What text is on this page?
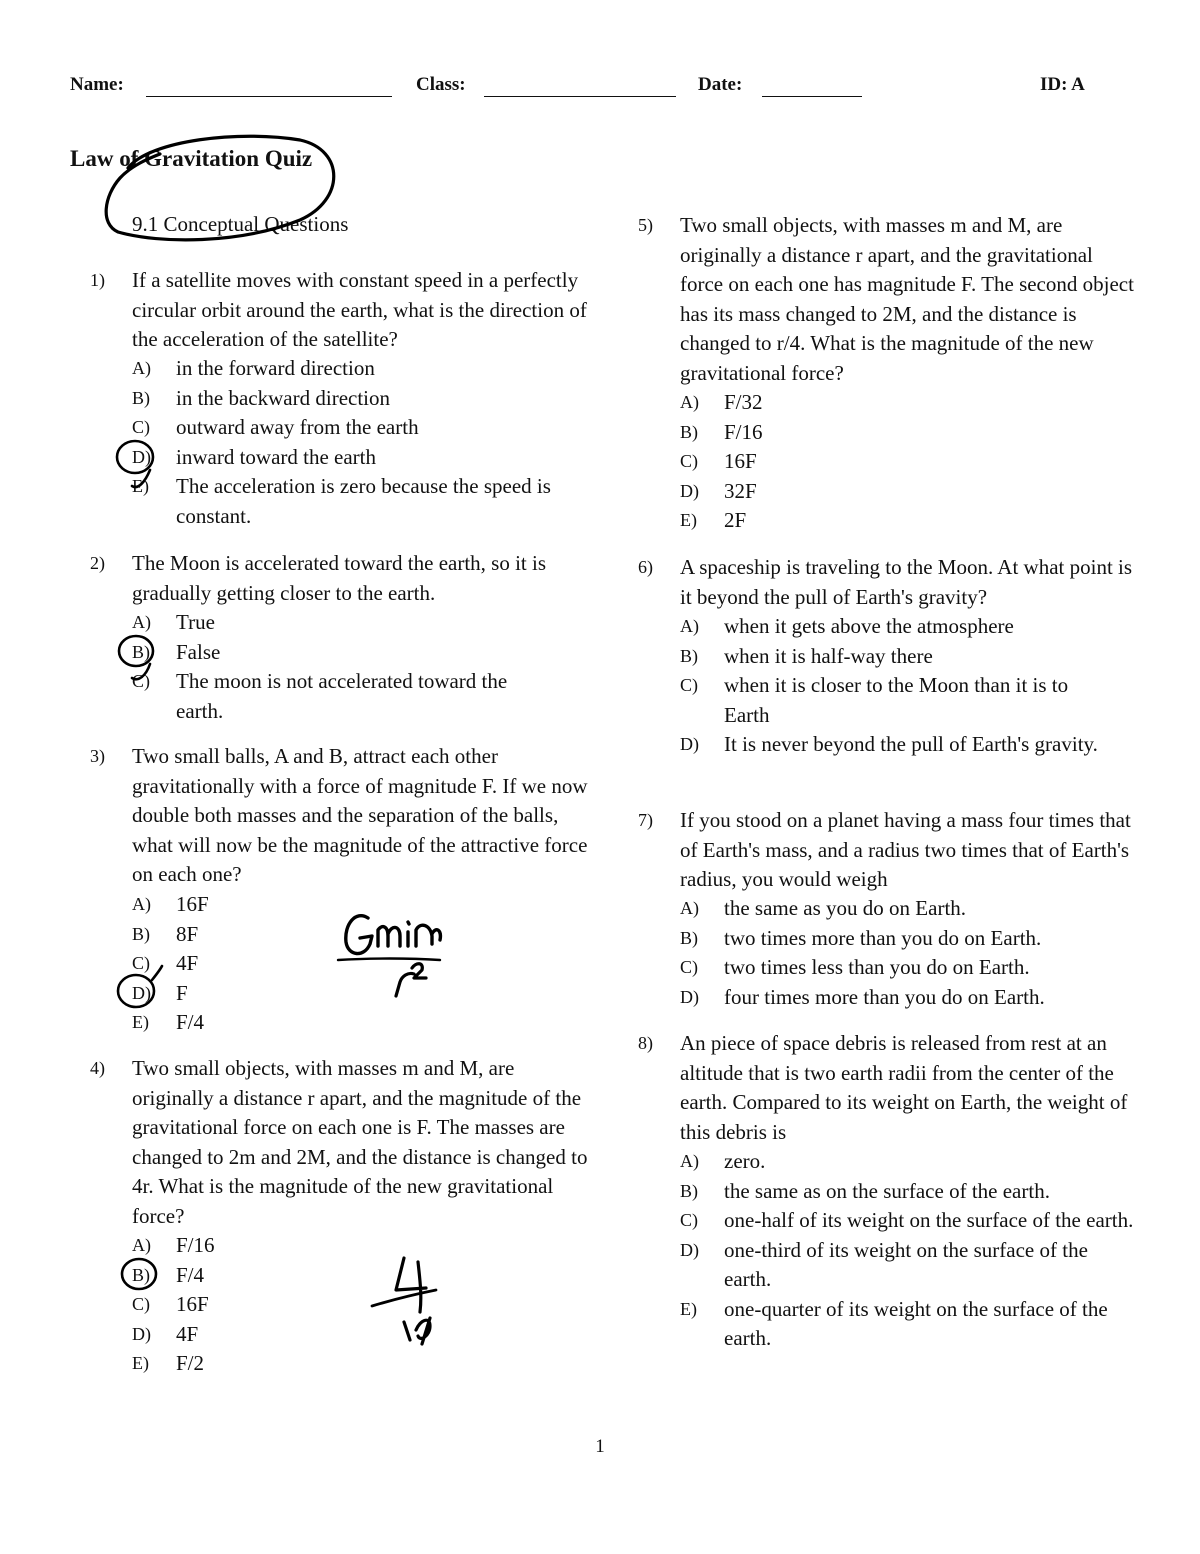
Name:	Class:	Date:	ID: A
Law of Gravitation Quiz
9.1 Conceptual Questions
1) If a satellite moves with constant speed in a perfectly circular orbit around the earth, what is the direction of the acceleration of the satellite?
A) in the forward direction
B) in the backward direction
C) outward away from the earth
D) inward toward the earth
E) The acceleration is zero because the speed is constant.
2) The Moon is accelerated toward the earth, so it is gradually getting closer to the earth.
A) True
B) False
C) The moon is not accelerated toward the earth.
3) Two small balls, A and B, attract each other gravitationally with a force of magnitude F. If we now double both masses and the separation of the balls, what will now be the magnitude of the attractive force on each one?
A) 16F
B) 8F
C) 4F
D) F
E) F/4
4) Two small objects, with masses m and M, are originally a distance r apart, and the magnitude of the gravitational force on each one is F. The masses are changed to 2m and 2M, and the distance is changed to 4r. What is the magnitude of the new gravitational force?
A) F/16
B) F/4
C) 16F
D) 4F
E) F/2
5) Two small objects, with masses m and M, are originally a distance r apart, and the gravitational force on each one has magnitude F. The second object has its mass changed to 2M, and the distance is changed to r/4. What is the magnitude of the new gravitational force?
A) F/32
B) F/16
C) 16F
D) 32F
E) 2F
6) A spaceship is traveling to the Moon. At what point is it beyond the pull of Earth's gravity?
A) when it gets above the atmosphere
B) when it is half-way there
C) when it is closer to the Moon than it is to Earth
D) It is never beyond the pull of Earth's gravity.
7) If you stood on a planet having a mass four times that of Earth's mass, and a radius two times that of Earth's radius, you would weigh
A) the same as you do on Earth.
B) two times more than you do on Earth.
C) two times less than you do on Earth.
D) four times more than you do on Earth.
8) An piece of space debris is released from rest at an altitude that is two earth radii from the center of the earth. Compared to its weight on Earth, the weight of this debris is
A) zero.
B) the same as on the surface of the earth.
C) one-half of its weight on the surface of the earth.
D) one-third of its weight on the surface of the earth.
E) one-quarter of its weight on the surface of the earth.
1
